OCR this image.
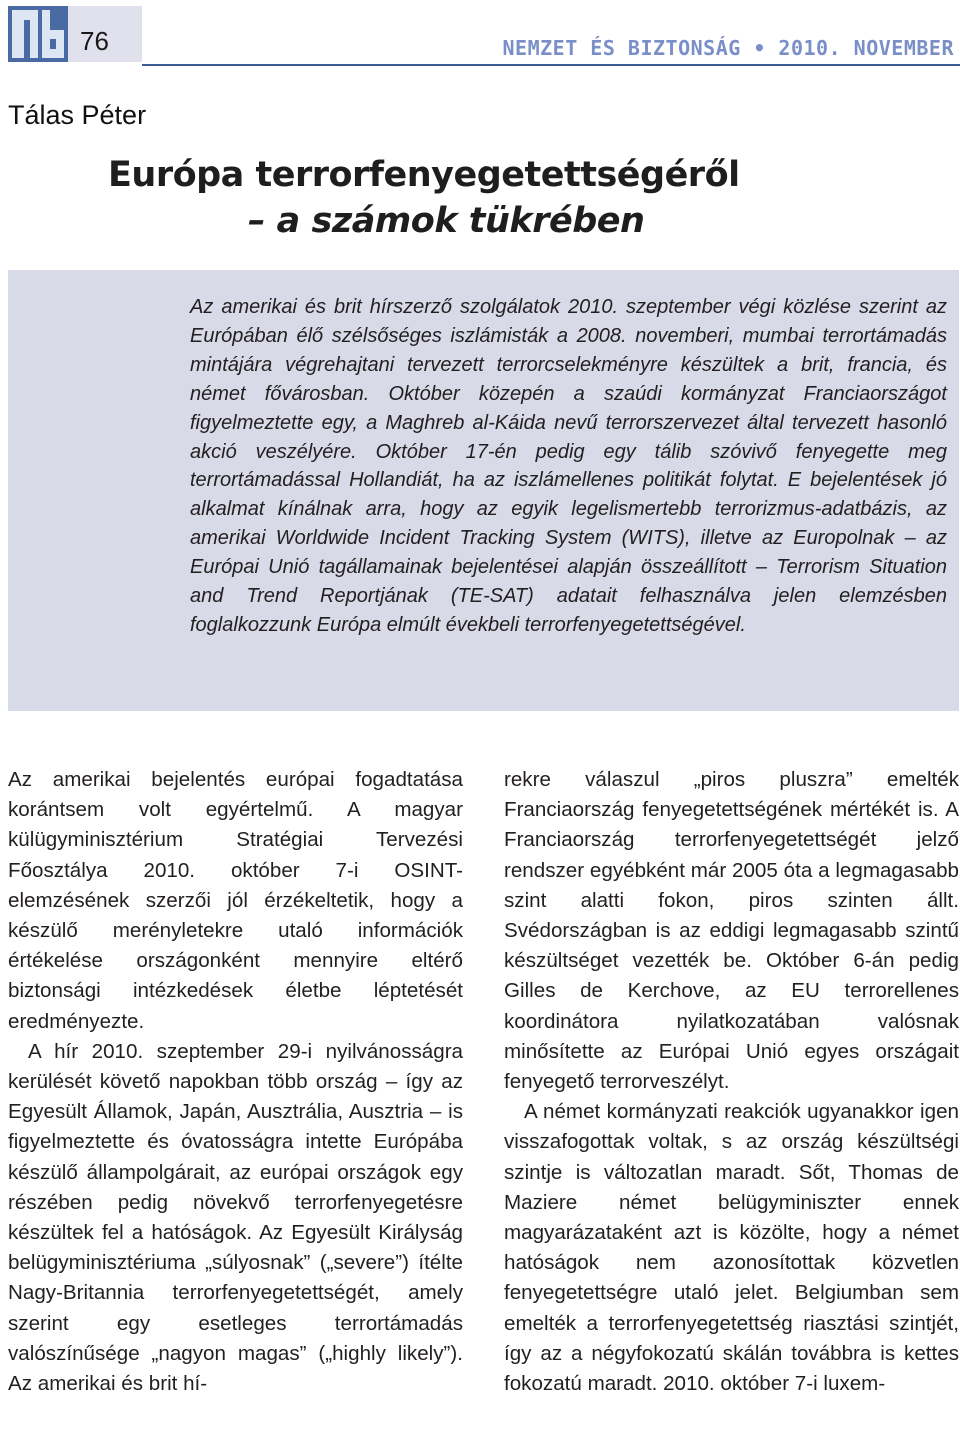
76	NEMZET ÉS BIZTONSÁG • 2010. NOVEMBER
Tálas Péter
Európa terrorfenyegetettségéről
– a számok tükrében
Az amerikai és brit hírszerző szolgálatok 2010. szeptember végi közlése szerint az Európában élő szélsőséges iszlámisták a 2008. novemberi, mumbai terrortámadás mintájára végrehajtani tervezett terrorcselekményre készültek a brit, francia, és német fővárosban. Október közepén a szaúdi kormányzat Franciaországot figyelmeztette egy, a Maghreb al-Káida nevű terrorszervezet által tervezett hasonló akció veszélyére. Október 17-én pedig egy tálib szóvivő fenyegette meg terrortámadással Hollandiát, ha az iszlámellenes politikát folytat. E bejelentések jó alkalmat kínálnak arra, hogy az egyik legelismertebb terrorizmus-adatbázis, az amerikai Worldwide Incident Tracking System (WITS), illetve az Europolnak – az Európai Unió tagállamainak bejelentései alapján összeállított – Terrorism Situation and Trend Reportjának (TE-SAT) adatait felhasználva jelen elemzésben foglalkozzunk Európa elmúlt évekbeli terrorfenyegetettségével.

Az amerikai bejelentés európai fogadtatása korántsem volt egyértelmű. A magyar külügyminisztérium Stratégiai Tervezési Főosztálya 2010. október 7-i OSINT-elemzésének szerzői jól érzékeltetik, hogy a készülő merényletekre utaló információk értékelése országonként mennyire eltérő biztonsági intézkedések életbe léptetését eredményezte.

A hír 2010. szeptember 29-i nyilvánosságra kerülését követő napokban több ország – így az Egyesült Államok, Japán, Ausztrália, Ausztria – is figyelmeztette és óvatosságra intette Európába készülő állampolgárait, az európai országok egy részében pedig növekvő terrorfenyegetésre készültek fel a hatóságok. Az Egyesült Királyság belügyminisztériuma „súlyosnak” („severe”) ítélte Nagy-Britannia terrorfenyegetettségét, amely szerint egy esetleges terrortámadás valószínűsége „nagyon magas” („highly likely”). Az amerikai és brit hí-

rekre válaszul „piros pluszra” emelték Franciaország fenyegetettségének mértékét is. A Franciaország terrorfenyegetettségét jelző rendszer egyébként már 2005 óta a legmagasabb szint alatti fokon, piros szinten állt. Svédországban is az eddigi legmagasabb szintű készültséget vezették be. Október 6-án pedig Gilles de Kerchove, az EU terrorellenes koordinátora nyilatkozatában valósnak minősítette az Európai Unió egyes országait fenyegető terrorveszélyt.

A német kormányzati reakciók ugyanakkor igen visszafogottak voltak, s az ország készültségi szintje is változatlan maradt. Sőt, Thomas de Maziere német belügyminiszter ennek magyarázataként azt is közölte, hogy a német hatóságok nem azonosítottak közvetlen fenyegetettségre utaló jelet. Belgiumban sem emelték a terrorfenyegetettség riasztási szintjét, így az a négyfokozatú skálán továbbra is kettes fokozatú maradt. 2010. október 7-i luxem-
